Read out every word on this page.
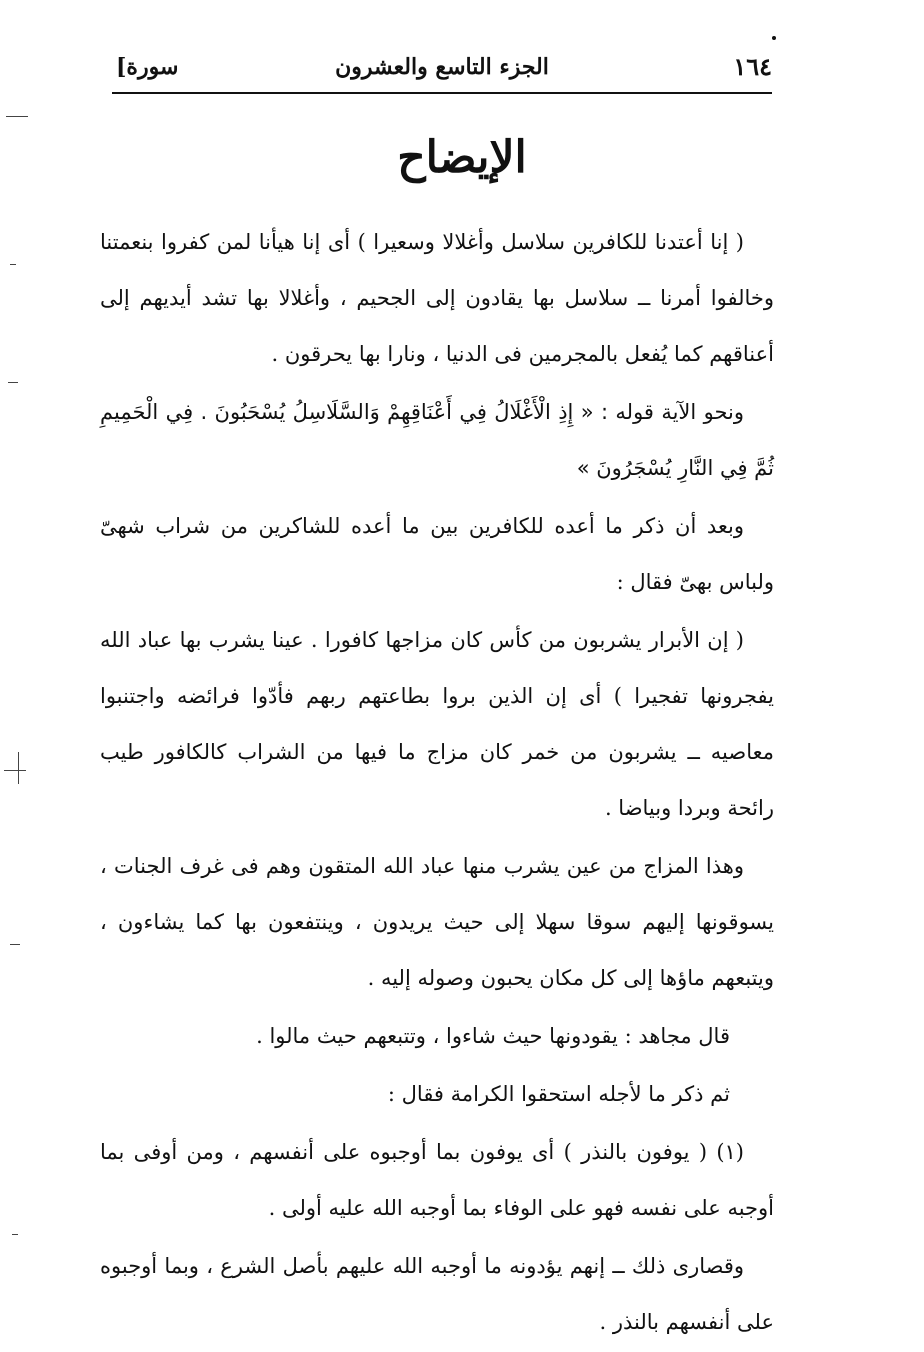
١٦٤
الجزء التاسع والعشرون
سورة]
الإيضاح

( إنا أعتدنا للكافرين سلاسل وأغلالا وسعيرا ) أى إنا هيأنا لمن كفروا بنعمتنا وخالفوا أمرنا ــ سلاسل بها يقادون إلى الجحيم ، وأغلالا بها تشد أيديهم إلى أعناقهم كما يُفعل بالمجرمين فى الدنيا ، ونارا بها يحرقون .

ونحو الآية قوله : « إِذِ الْأَغْلَالُ فِي أَعْنَاقِهِمْ وَالسَّلَاسِلُ يُسْحَبُونَ . فِي الْحَمِيمِ ثُمَّ فِي النَّارِ يُسْجَرُونَ »

وبعد أن ذكر ما أعده للكافرين بين ما أعده للشاكرين من شراب شهىّ ولباس بهىّ فقال :

( إن الأبرار يشربون من كأس كان مزاجها كافورا . عينا يشرب بها عباد الله يفجرونها تفجيرا ) أى إن الذين بروا بطاعتهم ربهم فأدّوا فرائضه واجتنبوا معاصيه ــ يشربون من خمر كان مزاج ما فيها من الشراب كالكافور طيب رائحة وبردا وبياضا .

وهذا المزاج من عين يشرب منها عباد الله المتقون وهم فى غرف الجنات ، يسوقونها إليهم سوقا سهلا إلى حيث يريدون ، وينتفعون بها كما يشاءون ، ويتبعهم ماؤها إلى كل مكان يحبون وصوله إليه .

قال مجاهد : يقودونها حيث شاءوا ، وتتبعهم حيث مالوا .

ثم ذكر ما لأجله استحقوا الكرامة فقال :

(١) ( يوفون بالنذر ) أى يوفون بما أوجبوه على أنفسهم ، ومن أوفى بما أوجبه على نفسه فهو على الوفاء بما أوجبه الله عليه أولى .

وقصارى ذلك ــ إنهم يؤدونه ما أوجبه الله عليهم بأصل الشرع ، وبما أوجبوه على أنفسهم بالنذر .
